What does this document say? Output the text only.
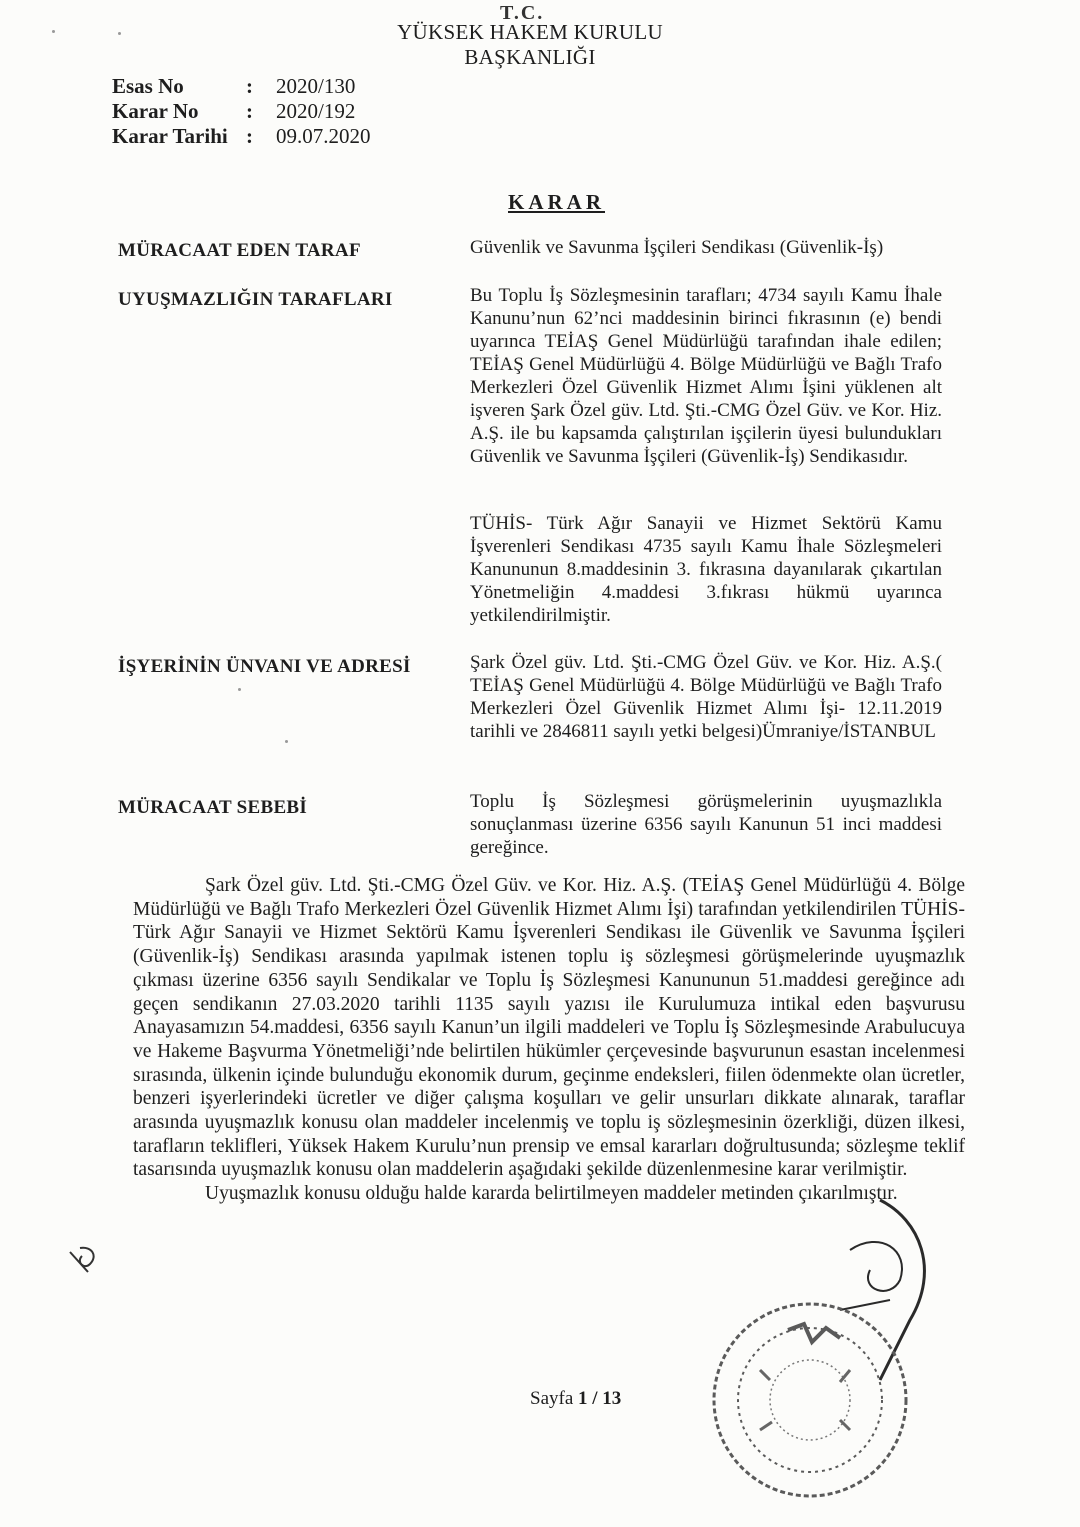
T.C.
YÜKSEK HAKEM KURULU
BAŞKANLIĞI
Esas No	:	2020/130
Karar No	:	2020/192
Karar Tarihi :	09.07.2020
KARAR
MÜRACAAT EDEN TARAF	Güvenlik ve Savunma İşçileri Sendikası (Güvenlik-İş)
UYUŞMAZLIĞIN TARAFLARI	Bu Toplu İş Sözleşmesinin tarafları; 4734 sayılı Kamu İhale Kanunu’nun 62’nci maddesinin birinci fıkrasının (e) bendi uyarınca TEİAŞ Genel Müdürlüğü tarafından ihale edilen; TEİAŞ Genel Müdürlüğü 4. Bölge Müdürlüğü ve Bağlı Trafo Merkezleri Özel Güvenlik Hizmet Alımı İşini yüklenen alt işveren Şark Özel güv. Ltd. Şti.-CMG Özel Güv. ve Kor. Hiz. A.Ş. ile bu kapsamda çalıştırılan işçilerin üyesi bulundukları Güvenlik ve Savunma İşçileri (Güvenlik-İş) Sendikasıdır.
TÜHİS- Türk Ağır Sanayii ve Hizmet Sektörü Kamu İşverenleri Sendikası 4735 sayılı Kamu İhale Sözleşmeleri Kanununun 8.maddesinin 3. fıkrasına dayanılarak çıkartılan Yönetmeliğin 4.maddesi 3.fıkrası hükmü uyarınca yetkilendirilmiştir.
İŞYERİNİN ÜNVANI VE ADRESİ	Şark Özel güv. Ltd. Şti.-CMG Özel Güv. ve Kor. Hiz. A.Ş.( TEİAŞ Genel Müdürlüğü 4. Bölge Müdürlüğü ve Bağlı Trafo Merkezleri Özel Güvenlik Hizmet Alımı İşi- 12.11.2019 tarihli ve 2846811 sayılı yetki belgesi)Ümraniye/İSTANBUL
MÜRACAAT SEBEBİ	Toplu İş Sözleşmesi görüşmelerinin uyuşmazlıkla sonuçlanması üzerine 6356 sayılı Kanunun 51 inci maddesi gereğince.

Şark Özel güv. Ltd. Şti.-CMG Özel Güv. ve Kor. Hiz. A.Ş. (TEİAŞ Genel Müdürlüğü 4. Bölge Müdürlüğü ve Bağlı Trafo Merkezleri Özel Güvenlik Hizmet Alımı İşi) tarafından yetkilendirilen TÜHİS- Türk Ağır Sanayii ve Hizmet Sektörü Kamu İşverenleri Sendikası ile Güvenlik ve Savunma İşçileri (Güvenlik-İş) Sendikası arasında yapılmak istenen toplu iş sözleşmesi görüşmelerinde uyuşmazlık çıkması üzerine 6356 sayılı Sendikalar ve Toplu İş Sözleşmesi Kanununun 51.maddesi gereğince adı geçen sendikanın 27.03.2020 tarihli 1135 sayılı yazısı ile Kurulumuza intikal eden başvurusu Anayasamızın 54.maddesi, 6356 sayılı Kanun’un ilgili maddeleri ve Toplu İş Sözleşmesinde Arabulucuya ve Hakeme Başvurma Yönetmeliği’nde belirtilen hükümler çerçevesinde başvurunun esastan incelenmesi sırasında, ülkenin içinde bulunduğu ekonomik durum, geçinme endeksleri, fiilen ödenmekte olan ücretler, benzeri işyerlerindeki ücretler ve diğer çalışma koşulları ve gelir unsurları dikkate alınarak, taraflar arasında uyuşmazlık konusu olan maddeler incelenmiş ve toplu iş sözleşmesinin özerkliği, düzen ilkesi, tarafların teklifleri, Yüksek Hakem Kurulu’nun prensip ve emsal kararları doğrultusunda; sözleşme teklif tasarısında uyuşmazlık konusu olan maddelerin aşağıdaki şekilde düzenlenmesine karar verilmiştir.

Uyuşmazlık konusu olduğu halde kararda belirtilmeyen maddeler metinden çıkarılmıştır.

Sayfa 1 / 13
